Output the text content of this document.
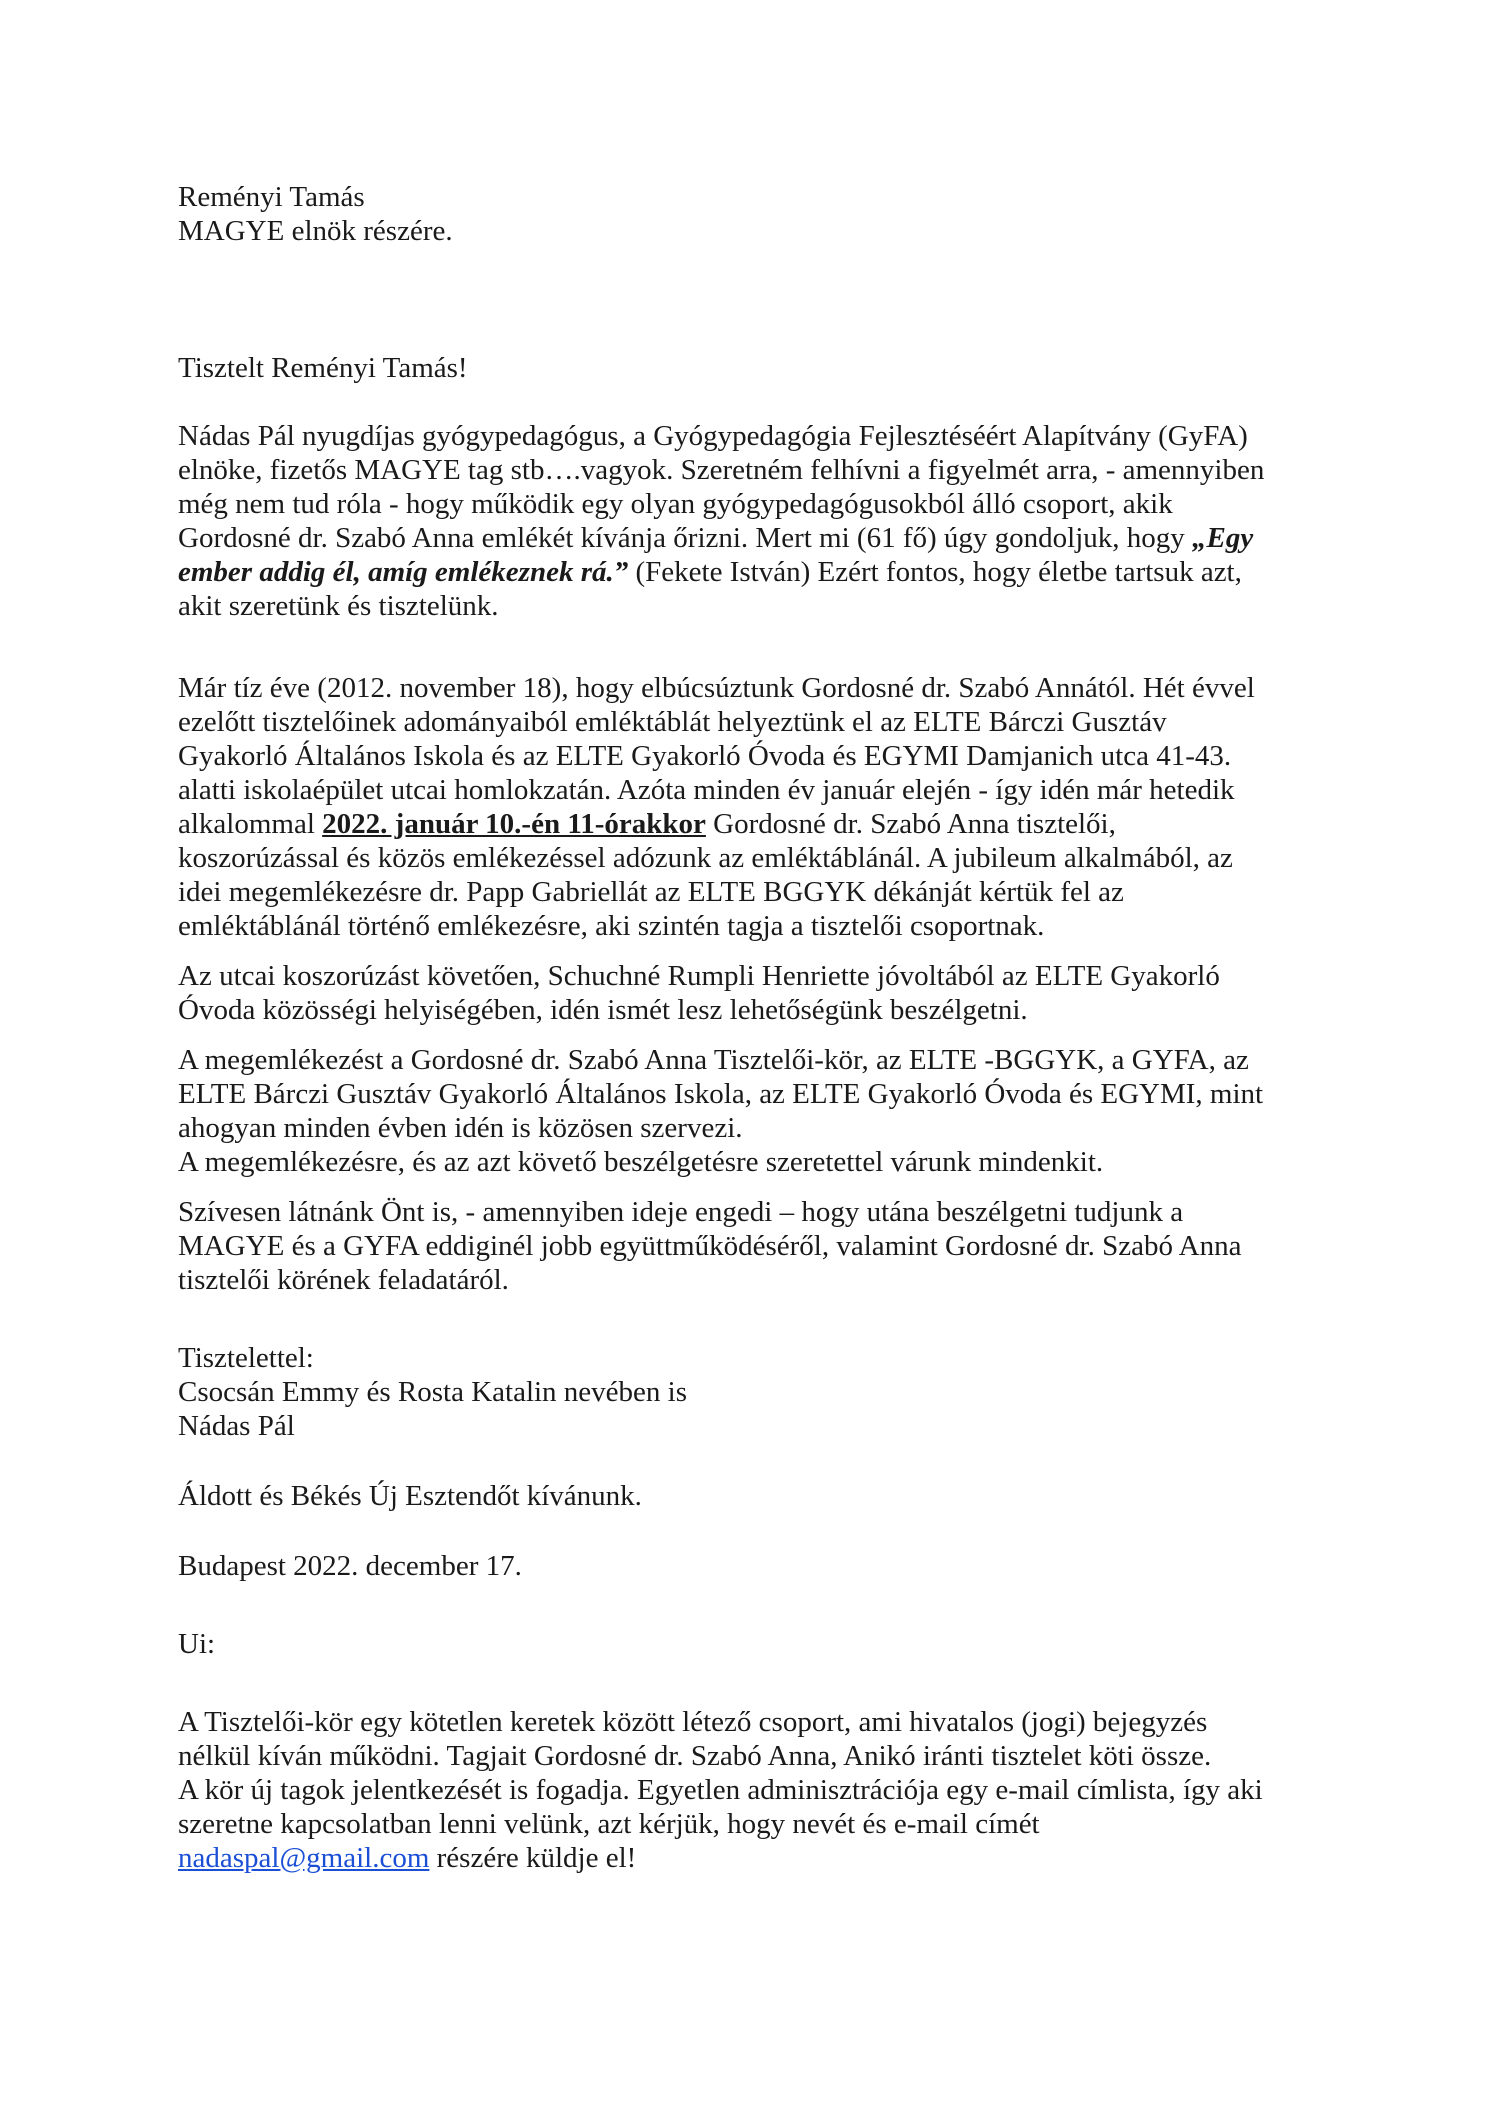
Reményi Tamás
MAGYE elnök részére.
Tisztelt Reményi Tamás!
Nádas Pál nyugdíjas gyógypedagógus, a Gyógypedagógia Fejlesztéséért Alapítvány (GyFA)
elnöke, fizetős MAGYE tag stb….vagyok. Szeretném felhívni a figyelmét arra, - amennyiben
még nem tud róla - hogy működik egy olyan gyógypedagógusokból álló csoport, akik
Gordosné dr. Szabó Anna emlékét kívánja őrizni. Mert mi (61 fő) úgy gondoljuk, hogy „Egy
ember addig él, amíg emlékeznek rá.” (Fekete István) Ezért fontos, hogy életbe tartsuk azt,
akit szeretünk és tisztelünk.
Már tíz éve (2012. november 18), hogy elbúcsúztunk Gordosné dr. Szabó Annától. Hét évvel
ezelőtt tisztelőinek adományaiból emléktáblát helyeztünk el az ELTE Bárczi Gusztáv
Gyakorló Általános Iskola és az ELTE Gyakorló Óvoda és EGYMI Damjanich utca 41-43.
alatti iskolaépület utcai homlokzatán. Azóta minden év január elején - így idén már hetedik
alkalommal 2022. január 10.-én 11-órakkor Gordosné dr. Szabó Anna tisztelői,
koszorúzással és közös emlékezéssel adózunk az emléktáblánál. A jubileum alkalmából, az
idei megemlékezésre dr. Papp Gabriellát az ELTE BGGYK dékánját kértük fel az
emléktáblánál történő emlékezésre, aki szintén tagja a tisztelői csoportnak.
Az utcai koszorúzást követően, Schuchné Rumpli Henriette jóvoltából az ELTE Gyakorló
Óvoda közösségi helyiségében, idén ismét lesz lehetőségünk beszélgetni.
A megemlékezést a Gordosné dr. Szabó Anna Tisztelői-kör, az ELTE -BGGYK, a GYFA, az
ELTE Bárczi Gusztáv Gyakorló Általános Iskola, az ELTE Gyakorló Óvoda és EGYMI, mint
ahogyan minden évben idén is közösen szervezi.
A megemlékezésre, és az azt követő beszélgetésre szeretettel várunk mindenkit.
Szívesen látnánk Önt is, - amennyiben ideje engedi – hogy utána beszélgetni tudjunk a
MAGYE és a GYFA eddiginél jobb együttműködéséről, valamint Gordosné dr. Szabó Anna
tisztelői körének feladatáról.
Tisztelettel:
Csocsán Emmy és Rosta Katalin nevében is
Nádas Pál
Áldott és Békés Új Esztendőt kívánunk.
Budapest 2022. december 17.
Ui:
A Tisztelői-kör egy kötetlen keretek között létező csoport, ami hivatalos (jogi) bejegyzés
nélkül kíván működni. Tagjait Gordosné dr. Szabó Anna, Anikó iránti tisztelet köti össze.
A kör új tagok jelentkezését is fogadja. Egyetlen adminisztrációja egy e-mail címlista, így aki
szeretne kapcsolatban lenni velünk, azt kérjük, hogy nevét és e-mail címét
nadaspal@gmail.com részére küldje el!
